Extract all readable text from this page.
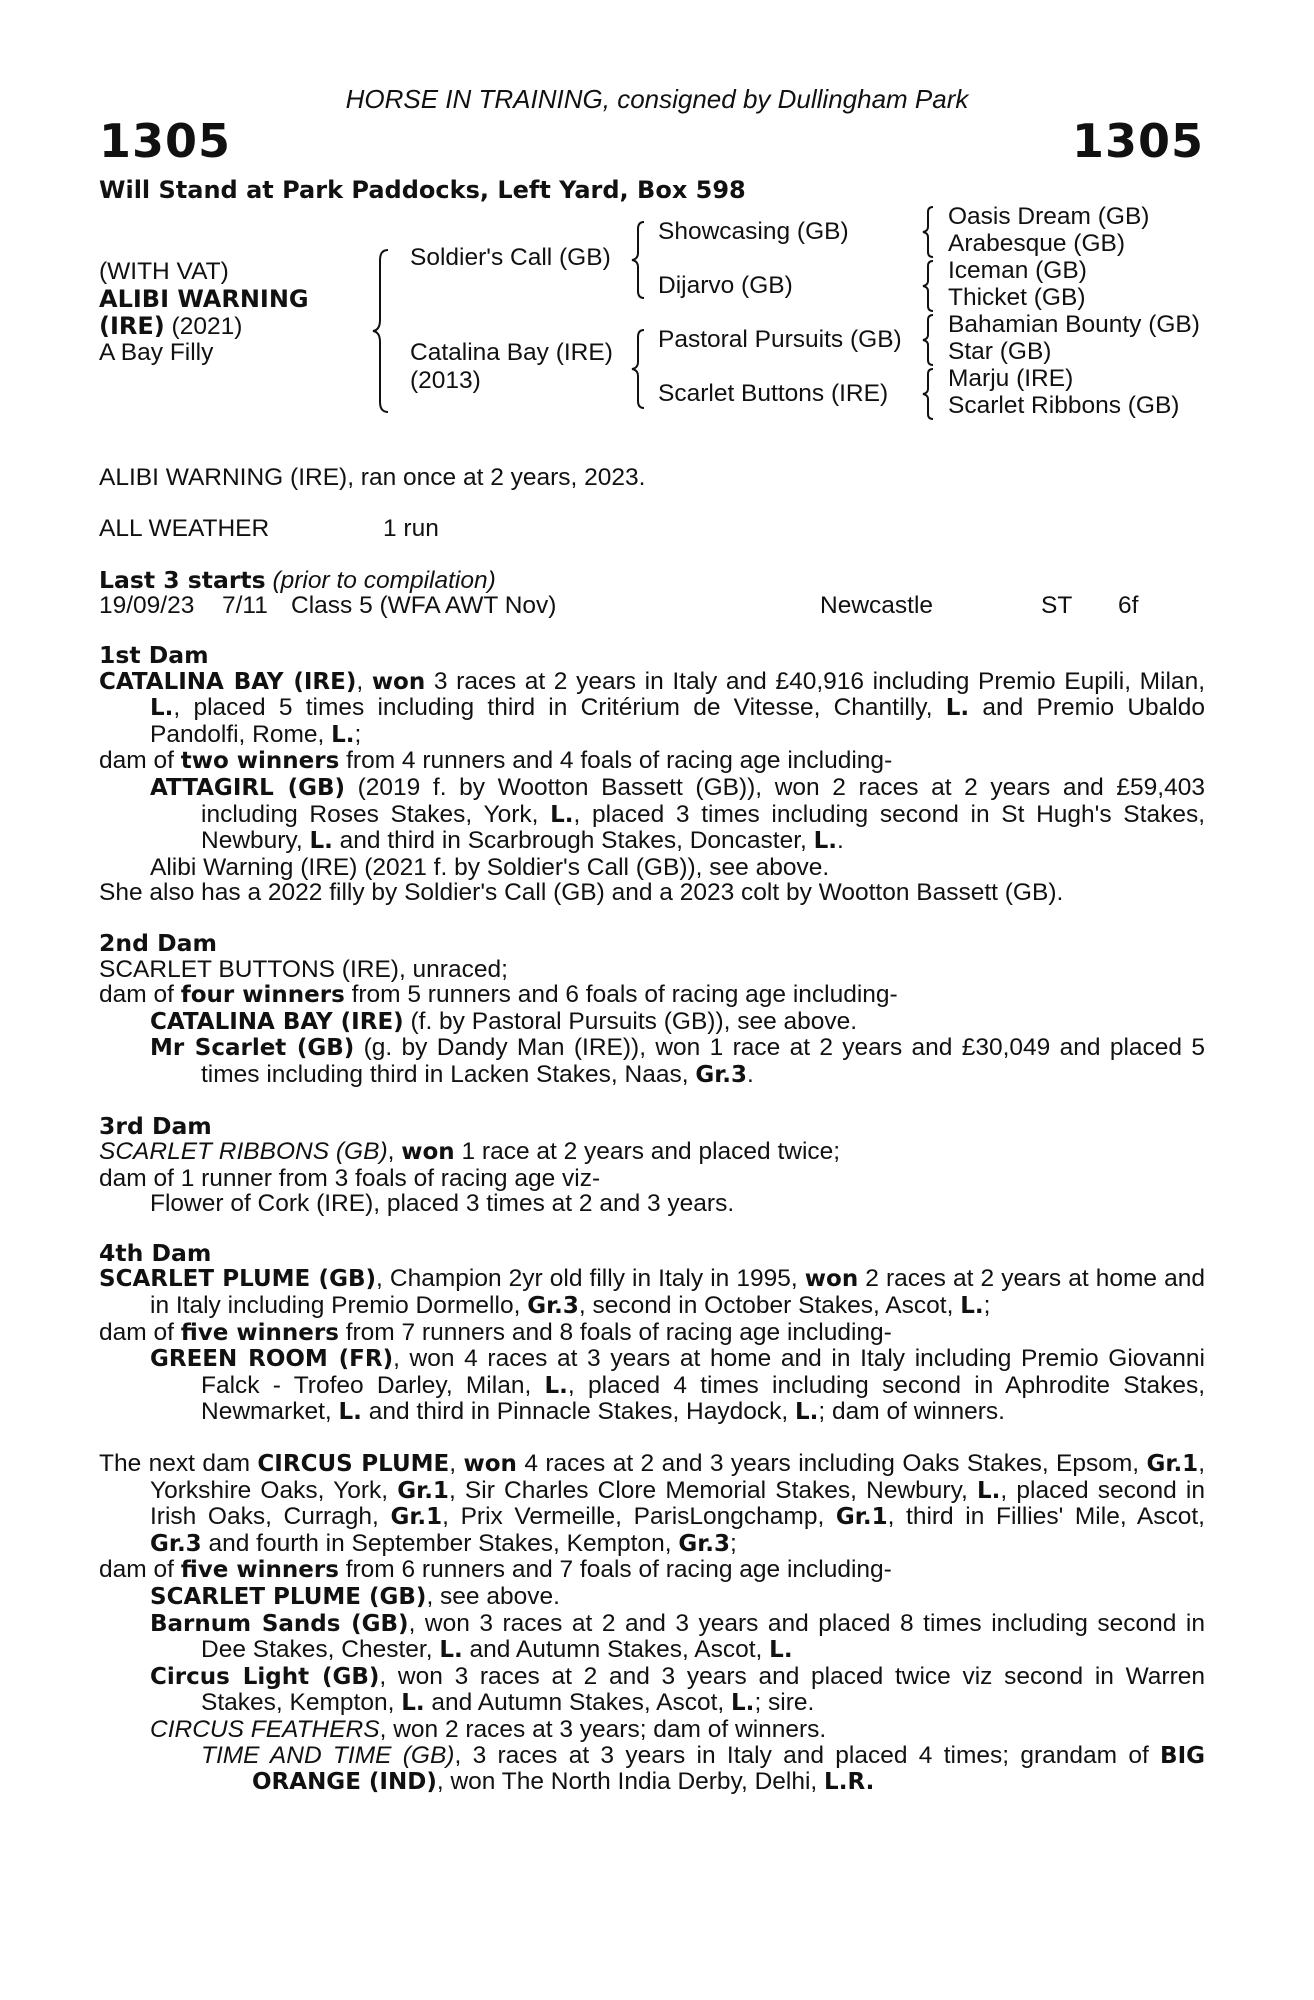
HORSE IN TRAINING, consigned by Dullingham Park
1305	1305
Will Stand at Park Paddocks, Left Yard, Box 598
(WITH VAT)
ALIBI WARNING
(IRE) (2021)
A Bay Filly
Soldier's Call (GB)
Catalina Bay (IRE)
(2013)
Showcasing (GB)
Dijarvo (GB)
Pastoral Pursuits (GB)
Scarlet Buttons (IRE)
Oasis Dream (GB)
Arabesque (GB)
Iceman (GB)
Thicket (GB)
Bahamian Bounty (GB)
Star (GB)
Marju (IRE)
Scarlet Ribbons (GB)
ALIBI WARNING (IRE), ran once at 2 years, 2023.
ALL WEATHER	1 run
Last 3 starts (prior to compilation)
19/09/23 7/11 Class 5 (WFA AWT Nov)	Newcastle	ST 6f
1st Dam

CATALINA BAY (IRE), won 3 races at 2 years in Italy and £40,916 including Premio Eupili, Milan, L., placed 5 times including third in Critérium de Vitesse, Chantilly, L. and Premio Ubaldo Pandolfi, Rome, L.;

dam of two winners from 4 runners and 4 foals of racing age including-

ATTAGIRL (GB) (2019 f. by Wootton Bassett (GB)), won 2 races at 2 years and £59,403 including Roses Stakes, York, L., placed 3 times including second in St Hugh's Stakes, Newbury, L. and third in Scarbrough Stakes, Doncaster, L..

Alibi Warning (IRE) (2021 f. by Soldier's Call (GB)), see above.

She also has a 2022 filly by Soldier's Call (GB) and a 2023 colt by Wootton Bassett (GB).

2nd Dam

SCARLET BUTTONS (IRE), unraced;

dam of four winners from 5 runners and 6 foals of racing age including-

CATALINA BAY (IRE) (f. by Pastoral Pursuits (GB)), see above.

Mr Scarlet (GB) (g. by Dandy Man (IRE)), won 1 race at 2 years and £30,049 and placed 5 times including third in Lacken Stakes, Naas, Gr.3.

3rd Dam

SCARLET RIBBONS (GB), won 1 race at 2 years and placed twice;

dam of 1 runner from 3 foals of racing age viz-

Flower of Cork (IRE), placed 3 times at 2 and 3 years.

4th Dam

SCARLET PLUME (GB), Champion 2yr old filly in Italy in 1995, won 2 races at 2 years at home and in Italy including Premio Dormello, Gr.3, second in October Stakes, Ascot, L.;

dam of five winners from 7 runners and 8 foals of racing age including-

GREEN ROOM (FR), won 4 races at 3 years at home and in Italy including Premio Giovanni Falck - Trofeo Darley, Milan, L., placed 4 times including second in Aphrodite Stakes, Newmarket, L. and third in Pinnacle Stakes, Haydock, L.; dam of winners.

The next dam CIRCUS PLUME, won 4 races at 2 and 3 years including Oaks Stakes, Epsom, Gr.1, Yorkshire Oaks, York, Gr.1, Sir Charles Clore Memorial Stakes, Newbury, L., placed second in Irish Oaks, Curragh, Gr.1, Prix Vermeille, ParisLongchamp, Gr.1, third in Fillies' Mile, Ascot, Gr.3 and fourth in September Stakes, Kempton, Gr.3;

dam of five winners from 6 runners and 7 foals of racing age including-

SCARLET PLUME (GB), see above.

Barnum Sands (GB), won 3 races at 2 and 3 years and placed 8 times including second in Dee Stakes, Chester, L. and Autumn Stakes, Ascot, L.

Circus Light (GB), won 3 races at 2 and 3 years and placed twice viz second in Warren Stakes, Kempton, L. and Autumn Stakes, Ascot, L.; sire.

CIRCUS FEATHERS, won 2 races at 3 years; dam of winners.

TIME AND TIME (GB), 3 races at 3 years in Italy and placed 4 times; grandam of BIG ORANGE (IND), won The North India Derby, Delhi, L.R.
